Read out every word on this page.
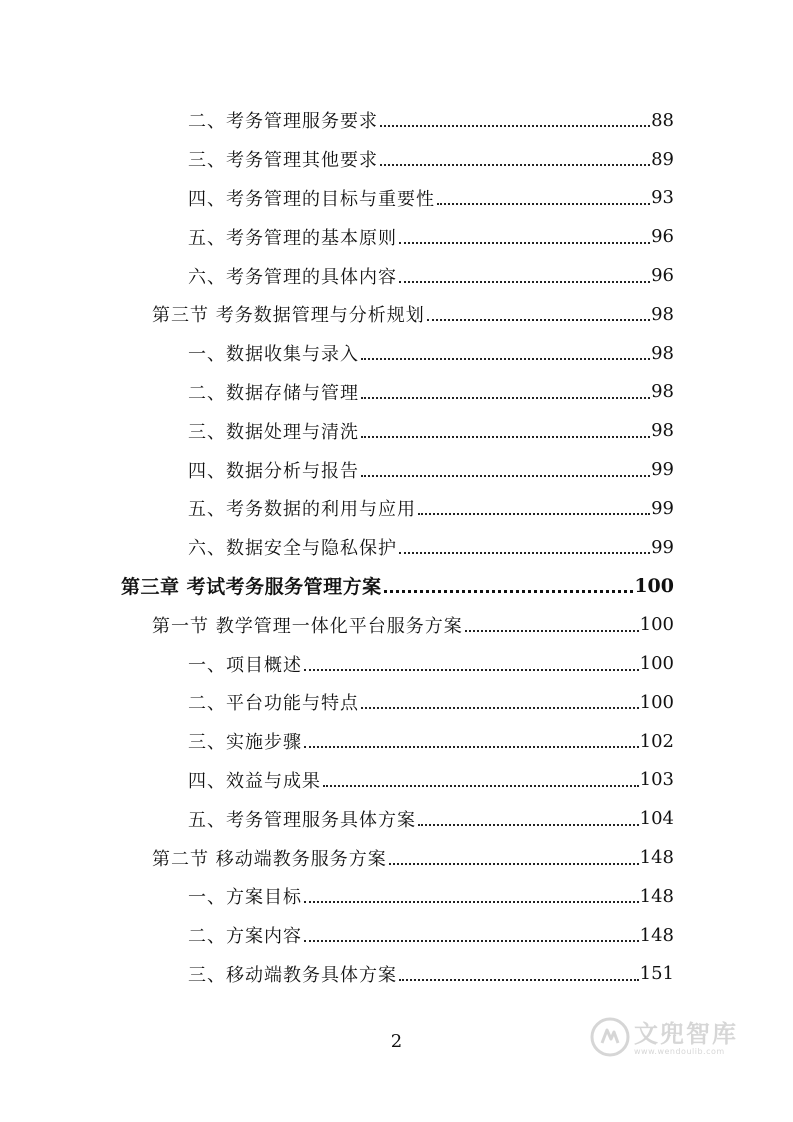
二、考务管理服务要求	88
三、考务管理其他要求	89
四、考务管理的目标与重要性	93
五、考务管理的基本原则	96
六、考务管理的具体内容	96
第三节 考务数据管理与分析规划	98
一、数据收集与录入	98
二、数据存储与管理	98
三、数据处理与清洗	98
四、数据分析与报告	99
五、考务数据的利用与应用	99
六、数据安全与隐私保护	99
第三章 考试考务服务管理方案	100
第一节 教学管理一体化平台服务方案	100
一、项目概述	100
二、平台功能与特点	100
三、实施步骤	102
四、效益与成果	103
五、考务管理服务具体方案	104
第二节 移动端教务服务方案	148
一、方案目标	148
二、方案内容	148
三、移动端教务具体方案	151
2	文兜智库
www.wendoulib.com
